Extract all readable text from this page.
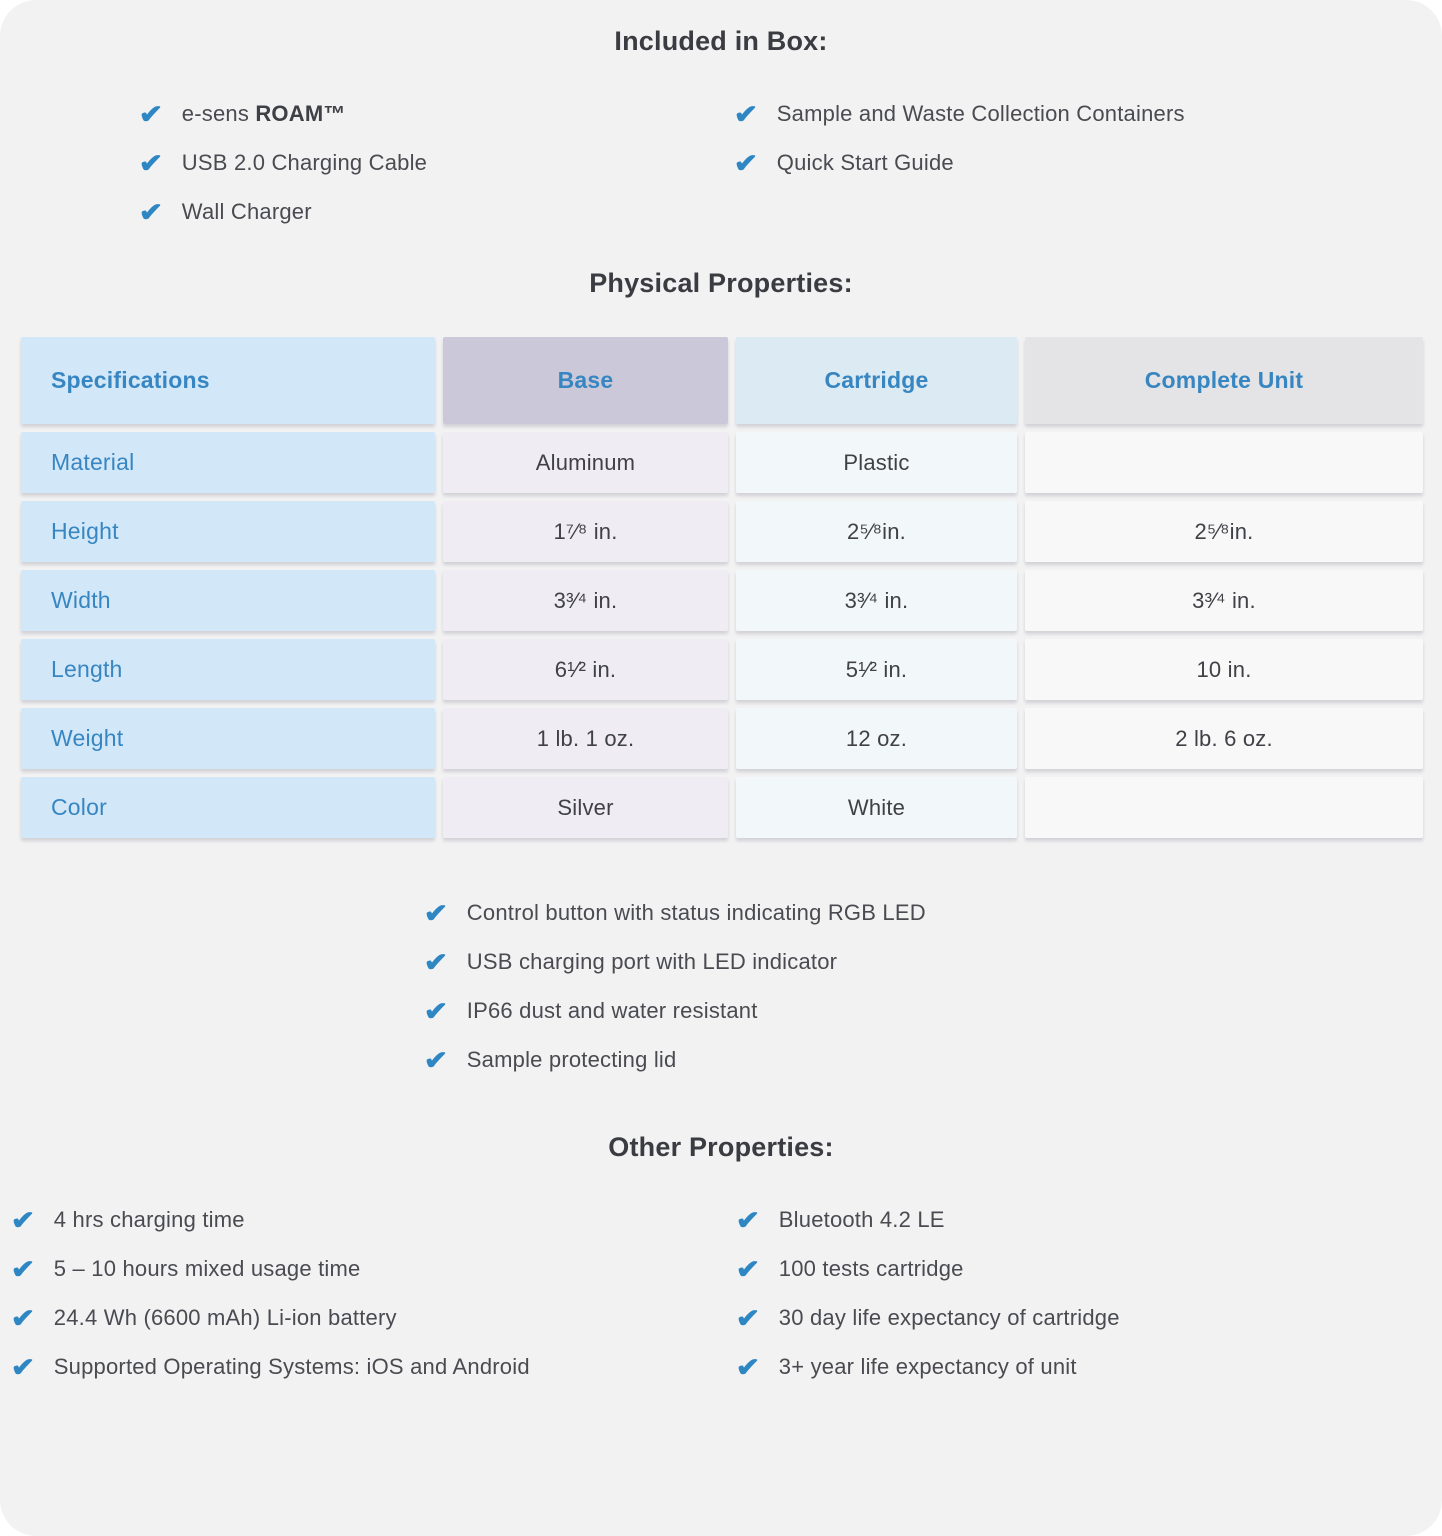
Included in Box:
✔ e-sens ROAM™
✔ USB 2.0 Charging Cable
✔ Wall Charger
✔ Sample and Waste Collection Containers
✔ Quick Start Guide
Physical Properties:
Specifications	Base	Cartridge	Complete Unit
Material	Aluminum	Plastic
Height	1⁷⁄⁸ in.	2⁵⁄⁸in.	2⁵⁄⁸in.
Width	3³⁄⁴ in.	3³⁄⁴ in.	3³⁄⁴ in.
Length	6¹⁄² in.	5¹⁄² in.	10 in.
Weight	1 lb. 1 oz.	12 oz.	2 lb. 6 oz.
Color	Silver	White
✔ Control button with status indicating RGB LED
✔ USB charging port with LED indicator
✔ IP66 dust and water resistant
✔ Sample protecting lid
Other Properties:
✔ 4 hrs charging time
✔ 5 – 10 hours mixed usage time
✔ 24.4 Wh (6600 mAh) Li-ion battery
✔ Supported Operating Systems: iOS and Android
✔ Bluetooth 4.2 LE
✔ 100 tests cartridge
✔ 30 day life expectancy of cartridge
✔ 3+ year life expectancy of unit
